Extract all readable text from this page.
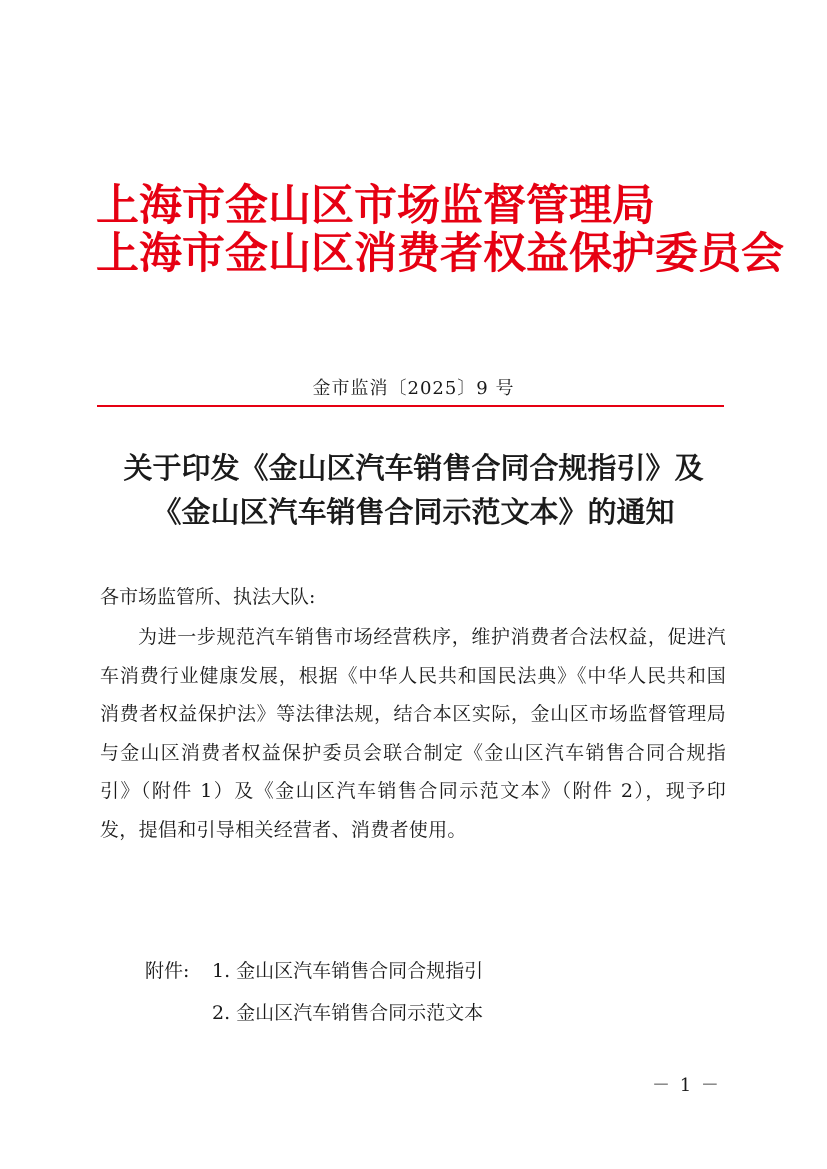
上海市金山区市场监督管理局
上海市金山区消费者权益保护委员会
金市监消〔2025〕9 号
关于印发《金山区汽车销售合同合规指引》及
《金山区汽车销售合同示范文本》的通知
各市场监管所、执法大队:
为进一步规范汽车销售市场经营秩序，维护消费者合法权益，促进汽车消费行业健康发展，根据《中华人民共和国民法典》《中华人民共和国消费者权益保护法》等法律法规，结合本区实际，金山区市场监督管理局与金山区消费者权益保护委员会联合制定《金山区汽车销售合同合规指引》（附件 1）及《金山区汽车销售合同示范文本》（附件 2），现予印发，提倡和引导相关经营者、消费者使用。
附件: 1. 金山区汽车销售合同合规指引
2. 金山区汽车销售合同示范文本
－ 1 －
